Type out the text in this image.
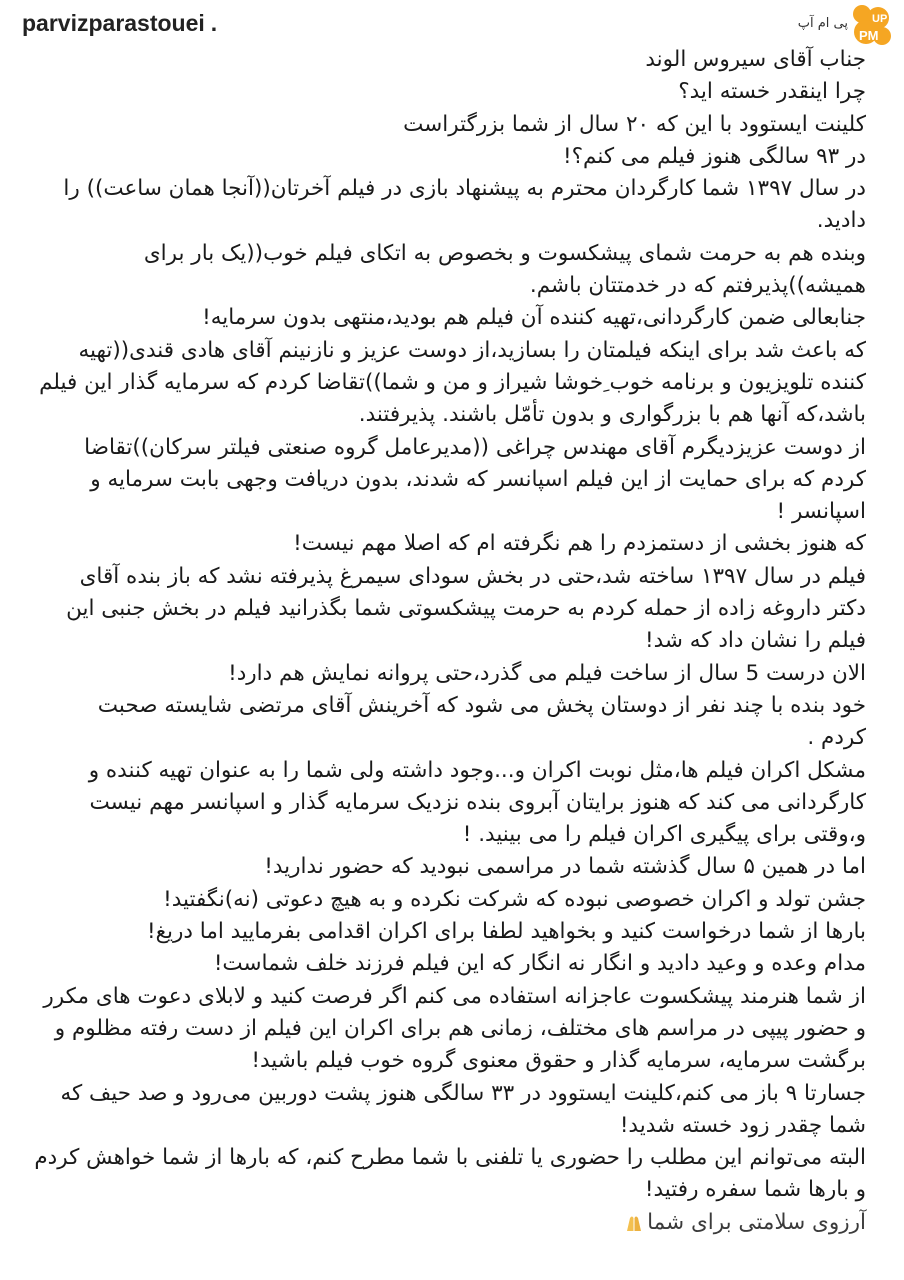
parvizparastouei .	پی ام آپ
PM
UP
جناب آقای سیروس الوند
چرا اینقدر خسته اید؟
کلینت ایستوود با این که ۲۰ سال از شما بزرگتراست
در ۹۳ سالگی هنوز فیلم می کنم؟!
در سال ۱۳۹۷ شما کارگردان محترم به پیشنهاد بازی در فیلم آخرتان((آنجا همان ساعت)) را
دادید.
وبنده هم به حرمت شمای پیشکسوت و بخصوص به اتکای فیلم خوب((یک بار برای
همیشه))پذیرفتم که در خدمتتان باشم.
جنابعالی ضمن کارگردانی،تهیه کننده آن فیلم هم بودید،منتهی بدون سرمایه!
که باعث شد برای اینکه فیلمتان را بسازید،از دوست عزیز و نازنینم آقای هادی قندی((تهیه
کننده تلویزیون و برنامه خوب ِخوشا شیراز و من و شما))تقاضا کردم که سرمایه گذار این فیلم
باشد،که آنها هم با بزرگواری و بدون تأمّل باشند. پذیرفتند.
از دوست عزیزدیگرم آقای مهندس چراغی ((مدیرعامل گروه صنعتی فیلتر سرکان))تقاضا
کردم که برای حمایت از این فیلم اسپانسر که شدند، بدون دریافت وجهی بابت سرمایه و
اسپانسر !
که هنوز بخشی از دستمزدم را هم نگرفته ام که اصلا مهم نیست!
فیلم در سال ۱۳۹۷ ساخته شد،حتی در بخش سودای سیمرغ پذیرفته نشد که باز بنده آقای
دکتر داروغه زاده از حمله کردم به حرمت پیشکسوتی شما بگذرانید فیلم در بخش جنبی این
فیلم را نشان داد که شد!
الان درست 5 سال از ساخت فیلم می گذرد،حتی پروانه نمایش هم دارد!
خود بنده با چند نفر از دوستان پخش می شود که آخرینش آقای مرتضی شایسته صحبت
کردم .
مشکل اکران فیلم ها،مثل نوبت اکران و...وجود داشته ولی شما را به عنوان تهیه کننده و
کارگردانی می کند که هنوز برایتان آبروی بنده نزدیک سرمایه گذار و اسپانسر مهم نیست
و،وقتی برای پیگیری اکران فیلم را می بینید. !
اما در همین ۵ سال گذشته شما در مراسمی نبودید که حضور ندارید!
جشن تولد و اکران خصوصی نبوده که شرکت نکرده و به هیچ دعوتی (نه)نگفتید!
بارها از شما درخواست کنید و بخواهید لطفا برای اکران اقدامی بفرمایید اما دریغ!
مدام وعده و وعید دادید و انگار نه انگار که این فیلم فرزند خلف شماست!
از شما هنرمند پیشکسوت عاجزانه استفاده می کنم اگر فرصت کنید و لابلای دعوت های مکرر
و حضور پیپی در مراسم های مختلف، زمانی هم برای اکران این فیلم از دست رفته مظلوم و
برگشت سرمایه، سرمایه گذار و حقوق معنوی گروه خوب فیلم باشید!
جسارتا ۹ باز می کنم،کلینت ایستوود در ۳۳ سالگی هنوز پشت دوربین می‌رود و صد حیف که
شما چقدر زود خسته شدید!
البته می‌توانم این مطلب را حضوری یا تلفنی با شما مطرح کنم، که بارها از شما خواهش کردم
و بارها شما سفره رفتید!
آرزوی سلامتی برای شما
